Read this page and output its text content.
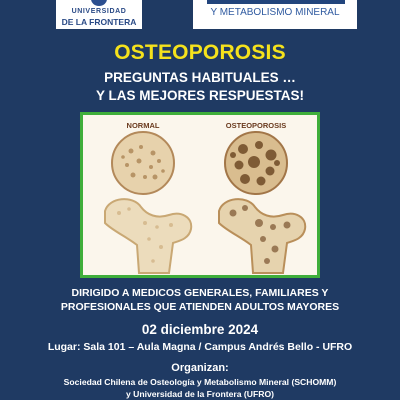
UNIVERSIDAD
DE LA FRONTERA
Y METABOLISMO MINERAL
OSTEOPOROSIS
PREGUNTAS HABITUALES …
Y LAS MEJORES RESPUESTAS!
NORMAL	OSTEOPOROSIS
DIRIGIDO A MEDICOS GENERALES, FAMILIARES Y
PROFESIONALES QUE ATIENDEN ADULTOS MAYORES
02 diciembre 2024
Lugar: Sala 101 – Aula Magna / Campus Andrés Bello - UFRO
Organizan:
Sociedad Chilena de Osteología y Metabolismo Mineral (SCHOMM)
y Universidad de la Frontera (UFRO)
